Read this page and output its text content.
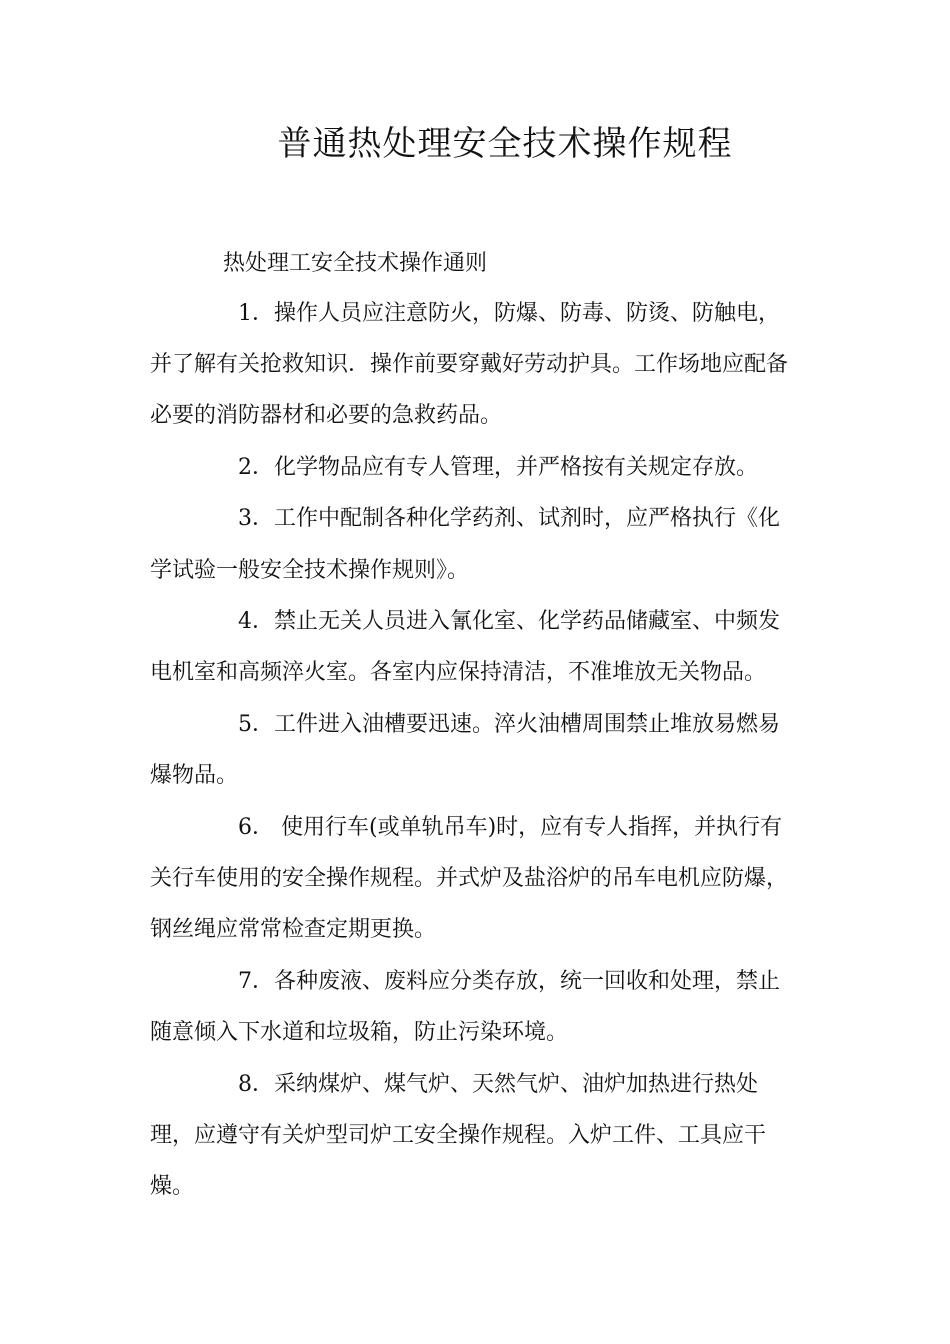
普通热处理安全技术操作规程
热处理工安全技术操作通则
1．操作人员应注意防火，防爆、防毒、防烫、防触电，
并了解有关抢救知识．操作前要穿戴好劳动护具。工作场地应配备
必要的消防器材和必要的急救药品。
2．化学物品应有专人管理，并严格按有关规定存放。
3．工作中配制各种化学药剂、试剂时，应严格执行《化
学试验一般安全技术操作规则》。
4．禁止无关人员进入氰化室、化学药品储藏室、中频发
电机室和高频淬火室。各室内应保持清洁，不准堆放无关物品。
5．工件进入油槽要迅速。淬火油槽周围禁止堆放易燃易
爆物品。
6． 使用行车(或单轨吊车)时，应有专人指挥，并执行有
关行车使用的安全操作规程。并式炉及盐浴炉的吊车电机应防爆，
钢丝绳应常常检查定期更换。
7．各种废液、废料应分类存放，统一回收和处理，禁止
随意倾入下水道和垃圾箱，防止污染环境。
8．采纳煤炉、煤气炉、天然气炉、油炉加热进行热处
理，应遵守有关炉型司炉工安全操作规程。入炉工件、工具应干
燥。
